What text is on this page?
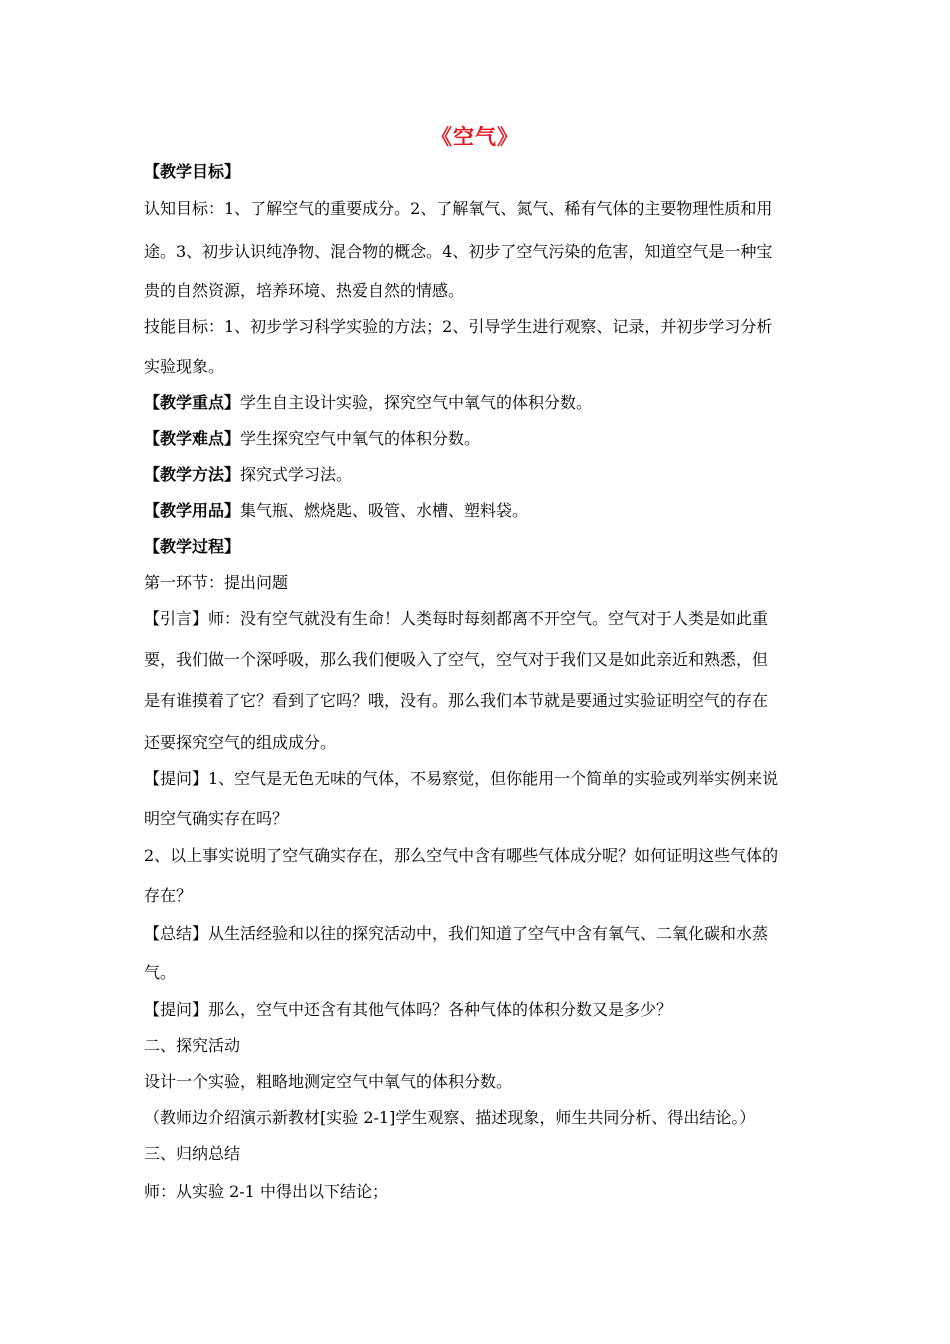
《空气》
【教学目标】
认知目标：1、了解空气的重要成分。2、了解氧气、氮气、稀有气体的主要物理性质和用
途。3、初步认识纯净物、混合物的概念。4、初步了空气污染的危害，知道空气是一种宝
贵的自然资源，培养环境、热爱自然的情感。
技能目标：1、初步学习科学实验的方法；2、引导学生进行观察、记录，并初步学习分析
实验现象。
【教学重点】学生自主设计实验，探究空气中氧气的体积分数。
【教学难点】学生探究空气中氧气的体积分数。
【教学方法】探究式学习法。
【教学用品】集气瓶、燃烧匙、吸管、水槽、塑料袋。
【教学过程】
第一环节：提出问题
【引言】师：没有空气就没有生命！人类每时每刻都离不开空气。空气对于人类是如此重
要，我们做一个深呼吸，那么我们便吸入了空气，空气对于我们又是如此亲近和熟悉，但
是有谁摸着了它？看到了它吗？哦，没有。那么我们本节就是要通过实验证明空气的存在
还要探究空气的组成成分。
【提问】1、空气是无色无味的气体，不易察觉，但你能用一个简单的实验或列举实例来说
明空气确实存在吗？
2、以上事实说明了空气确实存在，那么空气中含有哪些气体成分呢？如何证明这些气体的
存在？
【总结】从生活经验和以往的探究活动中，我们知道了空气中含有氧气、二氧化碳和水蒸
气。
【提问】那么，空气中还含有其他气体吗？各种气体的体积分数又是多少？
二、探究活动
设计一个实验，粗略地测定空气中氧气的体积分数。
（教师边介绍演示新教材[实验 2-1]学生观察、描述现象，师生共同分析、得出结论。）
三、归纳总结
师：从实验 2-1 中得出以下结论；
